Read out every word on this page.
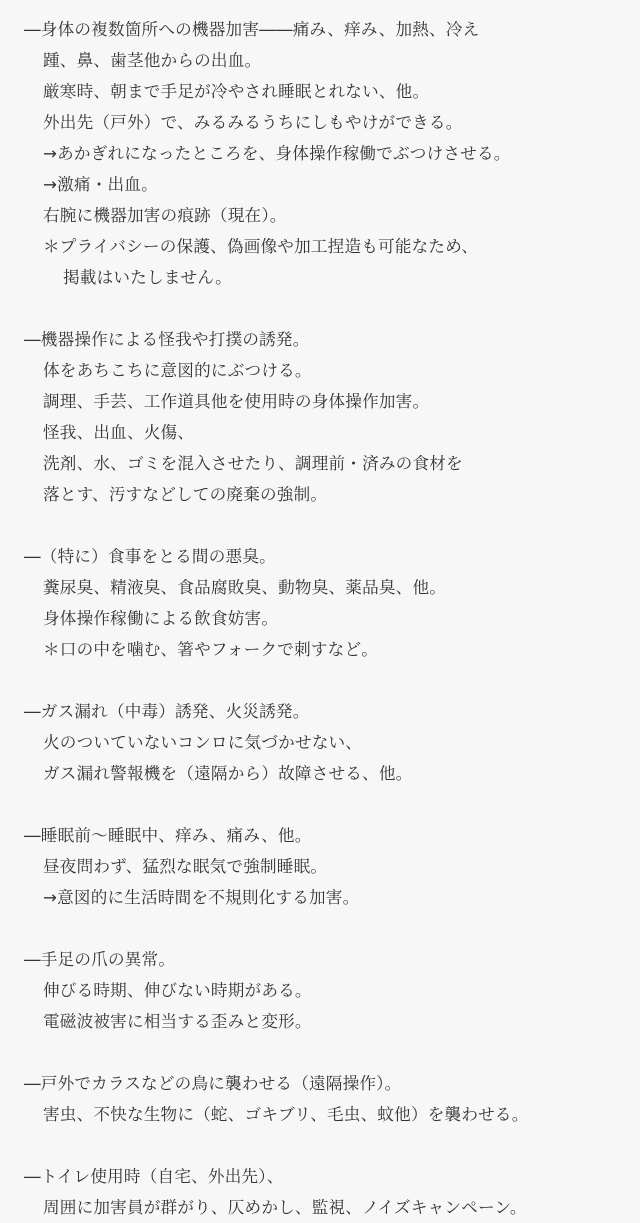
―身体の複数箇所への機器加害――痛み、痒み、加熱、冷え
踵、鼻、歯茎他からの出血。
厳寒時、朝まで手足が冷やされ睡眠とれない、他。
外出先（戸外）で、みるみるうちにしもやけができる。
→あかぎれになったところを、身体操作稼働でぶつけさせる。
→激痛・出血。
右腕に機器加害の痕跡（現在）。
＊プライバシーの保護、偽画像や加工捏造も可能なため、
掲載はいたしません。
―機器操作による怪我や打撲の誘発。
体をあちこちに意図的にぶつける。
調理、手芸、工作道具他を使用時の身体操作加害。
怪我、出血、火傷、
洗剤、水、ゴミを混入させたり、調理前・済みの食材を
落とす、汚すなどしての廃棄の強制。
―（特に）食事をとる間の悪臭。
糞尿臭、精液臭、食品腐敗臭、動物臭、薬品臭、他。
身体操作稼働による飲食妨害。
＊口の中を噛む、箸やフォークで刺すなど。
―ガス漏れ（中毒）誘発、火災誘発。
火のついていないコンロに気づかせない、
ガス漏れ警報機を（遠隔から）故障させる、他。
―睡眠前〜睡眠中、痒み、痛み、他。
昼夜問わず、猛烈な眠気で強制睡眠。
→意図的に生活時間を不規則化する加害。
―手足の爪の異常。
伸びる時期、伸びない時期がある。
電磁波被害に相当する歪みと変形。
―戸外でカラスなどの鳥に襲わせる（遠隔操作）。
害虫、不快な生物に（蛇、ゴキブリ、毛虫、蚊他）を襲わせる。
―トイレ使用時（自宅、外出先）、
周囲に加害員が群がり、仄めかし、監視、ノイズキャンペーン。
